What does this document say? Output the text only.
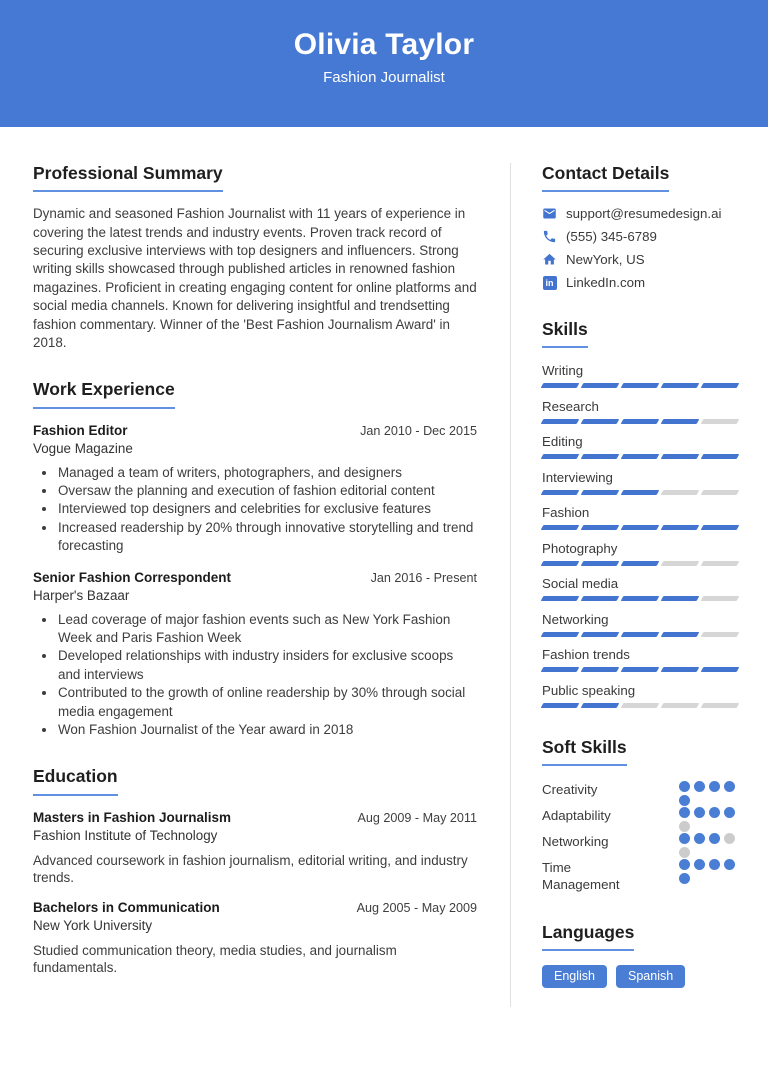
Olivia Taylor
Fashion Journalist
Professional Summary

Dynamic and seasoned Fashion Journalist with 11 years of experience in covering the latest trends and industry events. Proven track record of securing exclusive interviews with top designers and influencers. Strong writing skills showcased through published articles in renowned fashion magazines. Proficient in creating engaging content for online platforms and social media channels. Known for delivering insightful and trendsetting fashion commentary. Winner of the 'Best Fashion Journalism Award' in 2018.

Work Experience
Fashion Editor	Jan 2010 - Dec 2015
Vogue Magazine
• Managed a team of writers, photographers, and designers
• Oversaw the planning and execution of fashion editorial content
• Interviewed top designers and celebrities for exclusive features
• Increased readership by 20% through innovative storytelling and trend forecasting
Senior Fashion Correspondent	Jan 2016 - Present
Harper's Bazaar
• Lead coverage of major fashion events such as New York Fashion Week and Paris Fashion Week
• Developed relationships with industry insiders for exclusive scoops and interviews
• Contributed to the growth of online readership by 30% through social media engagement
• Won Fashion Journalist of the Year award in 2018
Education
Masters in Fashion Journalism	Aug 2009 - May 2011
Fashion Institute of Technology

Advanced coursework in fashion journalism, editorial writing, and industry trends.

Bachelors in Communication	Aug 2005 - May 2009
New York University

Studied communication theory, media studies, and journalism fundamentals.

Contact Details
support@resumedesign.ai
(555) 345-6789
NewYork, US
in LinkedIn.com
Skills
Writing
Research
Editing
Interviewing
Fashion
Photography
Social media
Networking
Fashion trends
Public speaking
Soft Skills
Creativity
Adaptability
Networking
Time Management
Languages
English	Spanish
